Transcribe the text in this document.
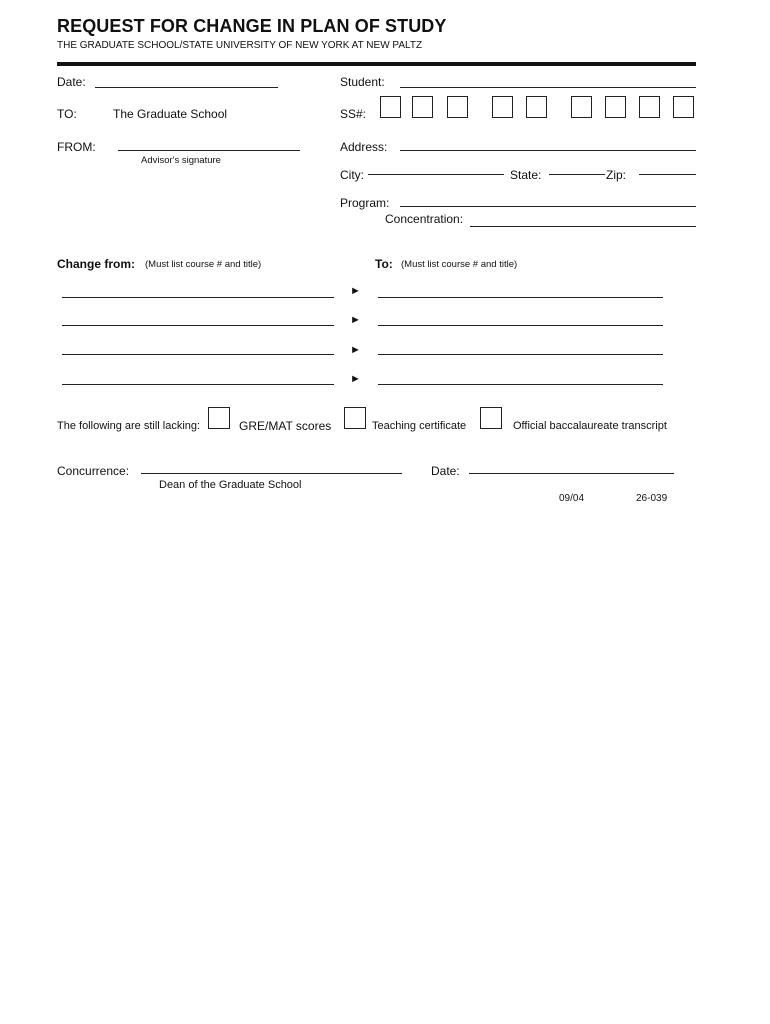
REQUEST FOR CHANGE IN PLAN OF STUDY
THE GRADUATE SCHOOL/STATE UNIVERSITY OF NEW YORK AT NEW PALTZ
Date:
TO:	The Graduate School
FROM:
Advisor's signature
Student:
SS#:
Address:
City:	State:	Zip:
Program:
Concentration:
Change from: (Must list course # and title)	To: (Must list course # and title)
►
►
►
►
The following are still lacking:	GRE/MAT scores	Teaching certificate	Official baccalaureate transcript
Concurrence:
Dean of the Graduate School
Date:
09/04	26-039
